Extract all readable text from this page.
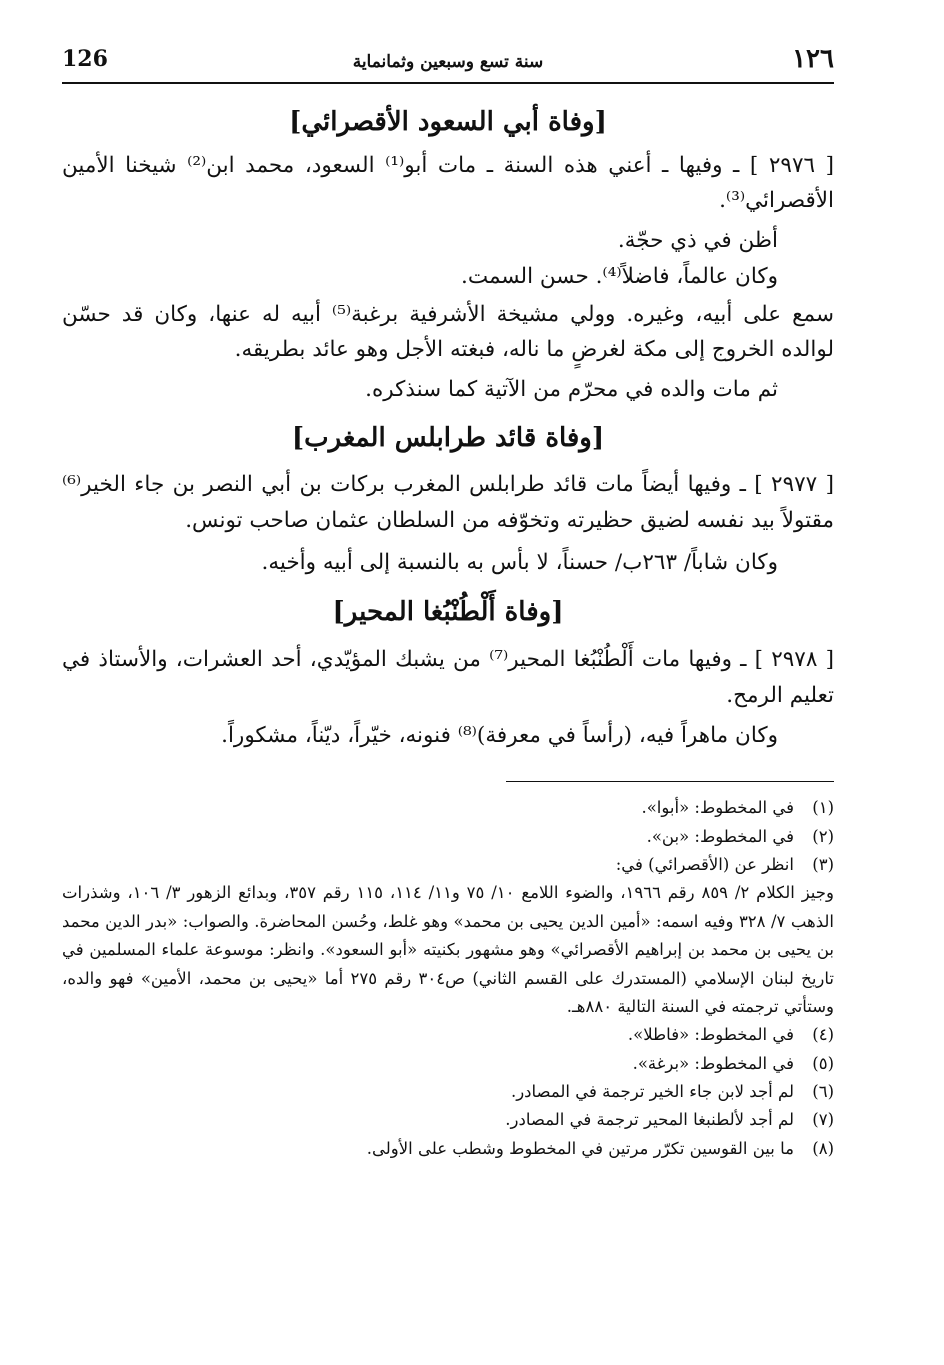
١٢٦
سنة تسع وسبعين وثمانماية
126
[وفاة أبي السعود الأقصرائي]

[ ٢٩٧٦ ] ـ وفيها ـ أعني هذه السنة ـ مات أبو⁽¹⁾ السعود، محمد ابن⁽²⁾ شيخنا الأمين الأقصرائي⁽³⁾.

أظن في ذي حجّة.

وكان عالماً، فاضلاً⁽⁴⁾. حسن السمت.

سمع على أبيه، وغيره. وولي مشيخة الأشرفية برغبة⁽⁵⁾ أبيه له عنها، وكان قد حسّن لوالده الخروج إلى مكة لغرضٍ ما ناله، فبغته الأجل وهو عائد بطريقه.

ثم مات والده في محرّم من الآتية كما سنذكره.

[وفاة قائد طرابلس المغرب]

[ ٢٩٧٧ ] ـ وفيها أيضاً مات قائد طرابلس المغرب بركات بن أبي النصر بن جاء الخير⁽⁶⁾ مقتولاً بيد نفسه لضيق حظيرته وتخوّفه من السلطان عثمان صاحب تونس.

وكان شاباً/ ٢٦٣ب/ حسناً، لا بأس به بالنسبة إلى أبيه وأخيه.

[وفاة أَلْطُنْبُغا المحير]

[ ٢٩٧٨ ] ـ وفيها مات أَلْطُنْبُغا المحير⁽⁷⁾ من يشبك المؤيّدي، أحد العشرات، والأستاذ في تعليم الرمح.

وكان ماهراً فيه، (رأساً في معرفة)⁽⁸⁾ فنونه، خيّراً، ديّناً، مشكوراً.

(١)
في المخطوط: «أبوا».
(٢)
في المخطوط: «بن».
(٣)
انظر عن (الأقصرائي) في:

وجيز الكلام ٢/ ٨٥٩ رقم ١٩٦٦، والضوء اللامع ١٠/ ٧٥ و١١/ ١١٤، ١١٥ رقم ٣٥٧، وبدائع الزهور ٣/ ١٠٦، وشذرات الذهب ٧/ ٣٢٨ وفيه اسمه: «أمين الدين يحيى بن محمد» وهو غلط، وحُسن المحاضرة. والصواب: «بدر الدين محمد بن يحيى بن محمد بن إبراهيم الأقصرائي» وهو مشهور بكنيته «أبو السعود». وانظر: موسوعة علماء المسلمين في تاريخ لبنان الإسلامي (المستدرك على القسم الثاني) ص٣٠٤ رقم ٢٧٥ أما «يحيى بن محمد، الأمين» فهو والده، وستأتي ترجمته في السنة التالية ٨٨٠هـ.

(٤)
في المخطوط: «فاطلا».
(٥)
في المخطوط: «برغة».
(٦)
لم أجد لابن جاء الخير ترجمة في المصادر.
(٧)
لم أجد لألطنبغا المحير ترجمة في المصادر.
(٨)
ما بين القوسين تكرّر مرتين في المخطوط وشطب على الأولى.
